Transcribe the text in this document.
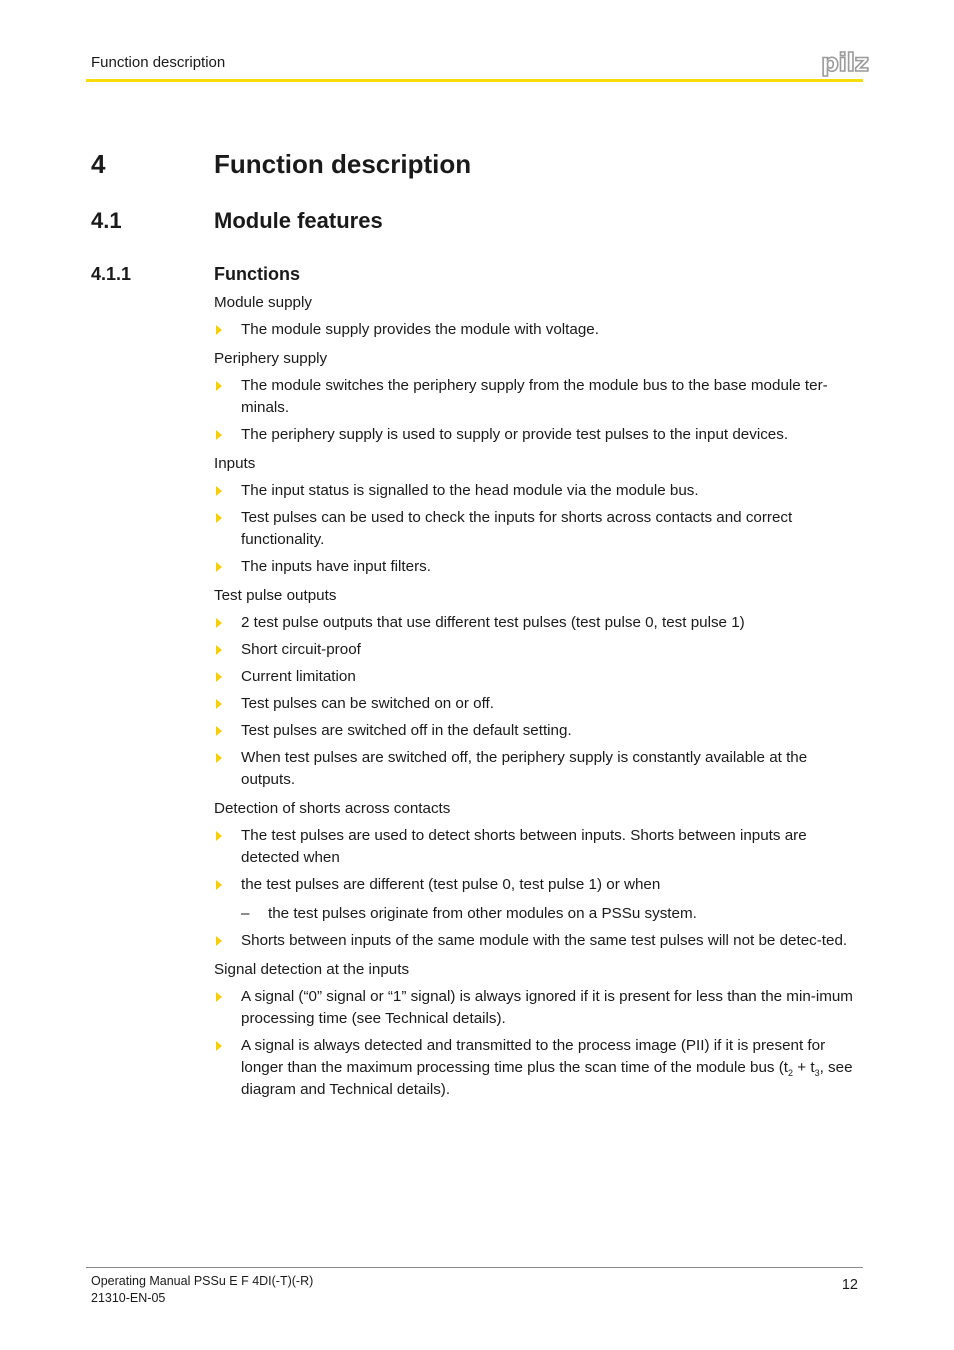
Function description	pilz
4	Function description
4.1	Module features
4.1.1	Functions
Module supply
The module supply provides the module with voltage.
Periphery supply
The module switches the periphery supply from the module bus to the base module ter-minals.
The periphery supply is used to supply or provide test pulses to the input devices.
Inputs
The input status is signalled to the head module via the module bus.
Test pulses can be used to check the inputs for shorts across contacts and correct functionality.
The inputs have input filters.
Test pulse outputs
2 test pulse outputs that use different test pulses (test pulse 0, test pulse 1)
Short circuit-proof
Current limitation
Test pulses can be switched on or off.
Test pulses are switched off in the default setting.
When test pulses are switched off, the periphery supply is constantly available at the outputs.
Detection of shorts across contacts
The test pulses are used to detect shorts between inputs. Shorts between inputs are detected when
the test pulses are different (test pulse 0, test pulse 1) or when
– the test pulses originate from other modules on a PSSu system.
Shorts between inputs of the same module with the same test pulses will not be detec-ted.
Signal detection at the inputs
A signal (“0” signal or “1” signal) is always ignored if it is present for less than the min-imum processing time (see Technical details).
A signal is always detected and transmitted to the process image (PII) if it is present for longer than the maximum processing time plus the scan time of the module bus ($t_2 + t_3$, see diagram and Technical details).
Operating Manual PSSu E F 4DI(-T)(-R)
21310-EN-05
12
